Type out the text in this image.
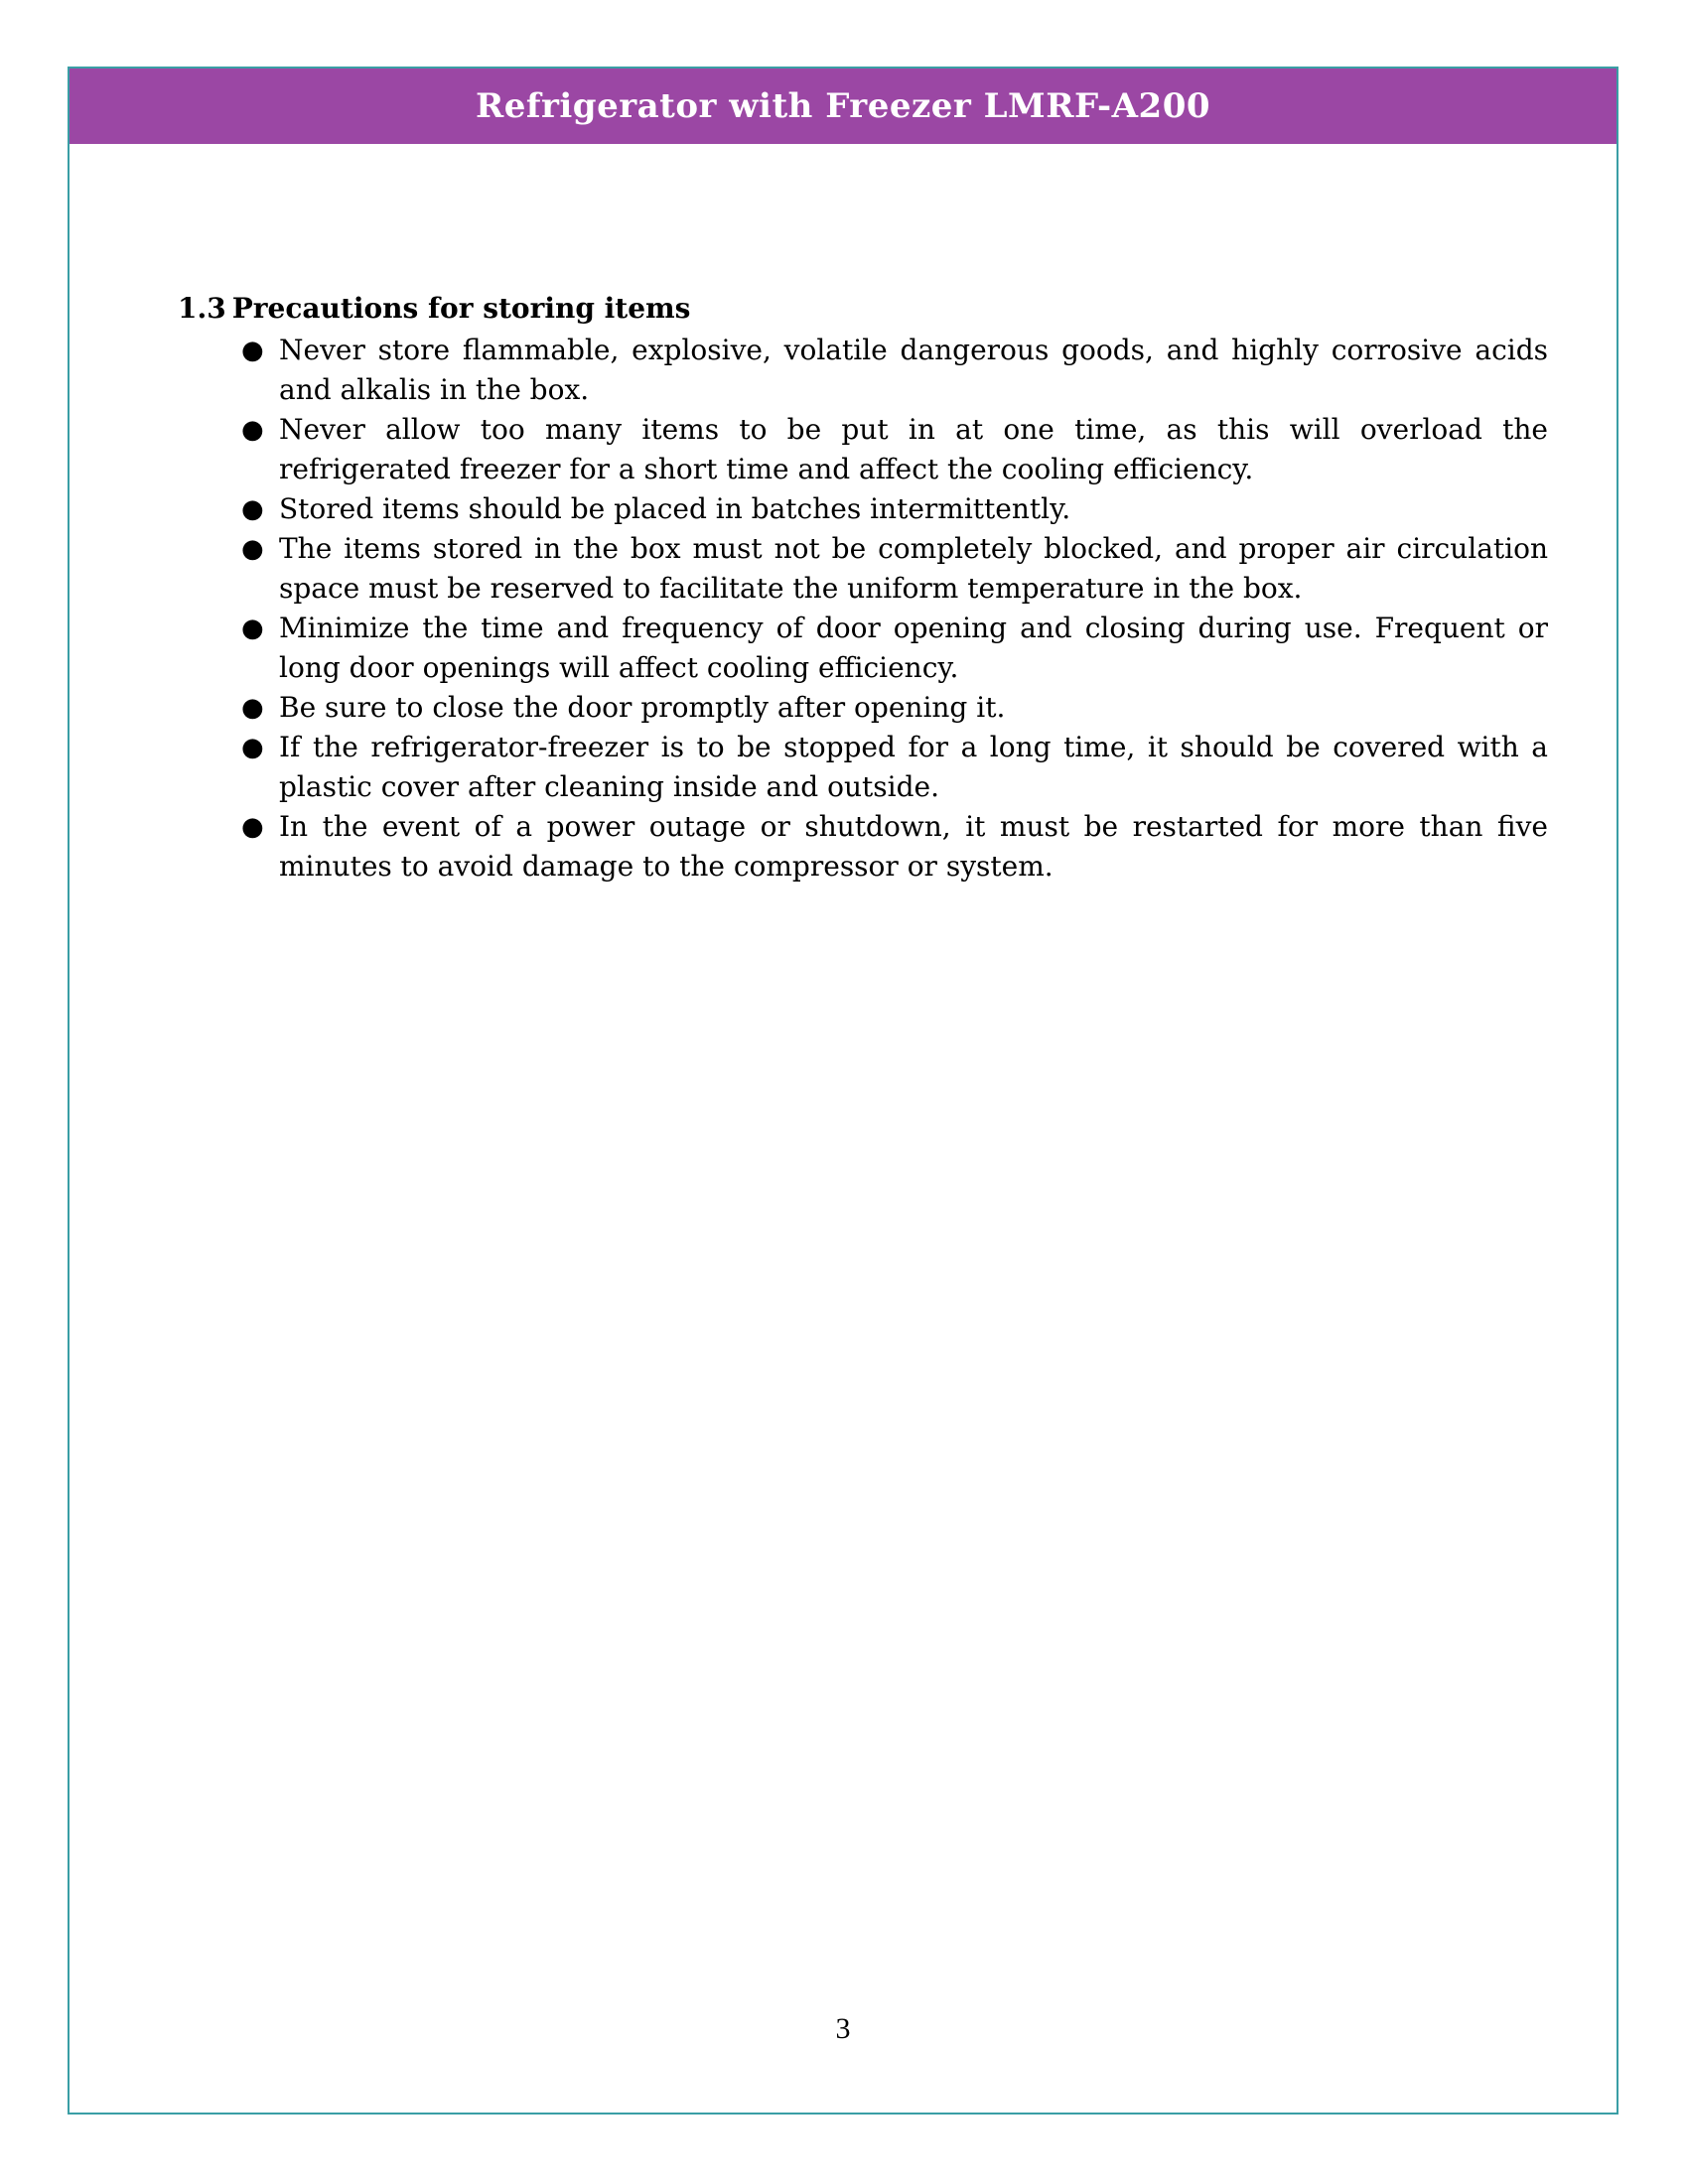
Refrigerator with Freezer LMRF-A200
1.3 Precautions for storing items
● Never store flammable, explosive, volatile dangerous goods, and highly corrosive acids and alkalis in the box.
● Never allow too many items to be put in at one time, as this will overload the refrigerated freezer for a short time and affect the cooling efficiency.
● Stored items should be placed in batches intermittently.
● The items stored in the box must not be completely blocked, and proper air circulation space must be reserved to facilitate the uniform temperature in the box.
● Minimize the time and frequency of door opening and closing during use. Frequent or long door openings will affect cooling efficiency.
● Be sure to close the door promptly after opening it.
● If the refrigerator-freezer is to be stopped for a long time, it should be covered with a plastic cover after cleaning inside and outside.
● In the event of a power outage or shutdown, it must be restarted for more than five minutes to avoid damage to the compressor or system.
3
